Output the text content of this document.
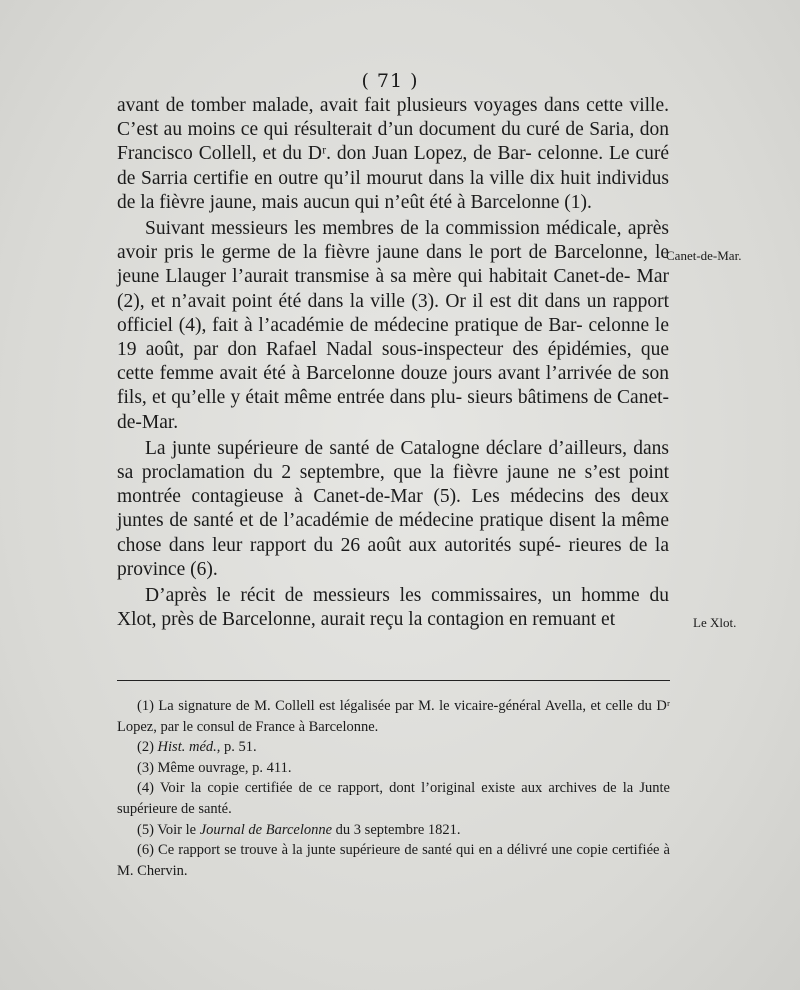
( 71 )

avant de tomber malade, avait fait plusieurs voyages dans cette ville. C’est au moins ce qui résulterait d’un document du curé de Saria, don Francisco Collell, et du Dʳ. don Juan Lopez, de Bar- celonne. Le curé de Sarria certifie en outre qu’il mourut dans la ville dix huit individus de la fièvre jaune, mais aucun qui n’eût été à Barcelonne (1).

Suivant messieurs les membres de la commission médicale, après avoir pris le germe de la fièvre jaune dans le port de Barcelonne, le jeune Llauger l’aurait transmise à sa mère qui habitait Canet-de- Mar (2), et n’avait point été dans la ville (3). Or il est dit dans un rapport officiel (4), fait à l’académie de médecine pratique de Bar- celonne le 19 août, par don Rafael Nadal sous-inspecteur des épidémies, que cette femme avait été à Barcelonne douze jours avant l’arrivée de son fils, et qu’elle y était même entrée dans plu- sieurs bâtimens de Canet-de-Mar.

La junte supérieure de santé de Catalogne déclare d’ailleurs, dans sa proclamation du 2 septembre, que la fièvre jaune ne s’est point montrée contagieuse à Canet-de-Mar (5). Les médecins des deux juntes de santé et de l’académie de médecine pratique disent la même chose dans leur rapport du 26 août aux autorités supé- rieures de la province (6).

D’après le récit de messieurs les commissaires, un homme du Xlot, près de Barcelonne, aurait reçu la contagion en remuant et

Canet-de-Mar.
Le Xlot.

(1) La signature de M. Collell est légalisée par M. le vicaire-général Avella, et celle du Dʳ Lopez, par le consul de France à Barcelonne.

(2) Hist. méd., p. 51.

(3) Même ouvrage, p. 411.

(4) Voir la copie certifiée de ce rapport, dont l’original existe aux archives de la Junte supérieure de santé.

(5) Voir le Journal de Barcelonne du 3 septembre 1821.

(6) Ce rapport se trouve à la junte supérieure de santé qui en a délivré une copie certifiée à M. Chervin.
